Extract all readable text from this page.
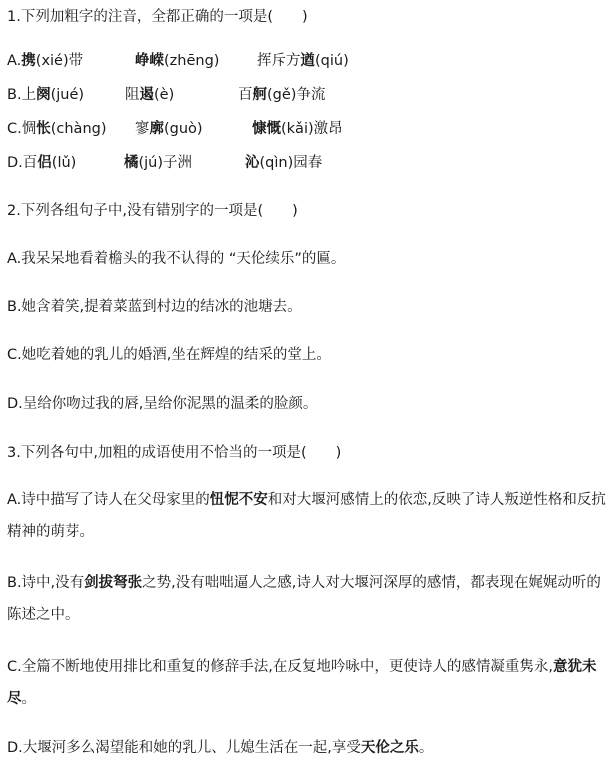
1.下列加粗字的注音，全都正确的一项是(　　)
A.携(xié)带	峥嵘(zhēng)	挥斥方遒(qiú)
B.上阕(jué)	阻遏(è)	百舸(gě)争流
C.惆怅(chàng) 寥廓(guò)	慷慨(kǎi)激昂
D.百侣(lǔ)	橘(jú)子洲	沁(qìn)园春
2.下列各组句子中,没有错别字的一项是(　　)
A.我呆呆地看着檐头的我不认得的 “天伦续乐”的匾。
B.她含着笑,提着菜蓝到村边的结冰的池塘去。
C.她吃着她的乳儿的婚酒,坐在辉煌的结采的堂上。
D.呈给你吻过我的唇,呈给你泥黑的温柔的脸颜。
3.下列各句中,加粗的成语使用不恰当的一项是(　　)
A.诗中描写了诗人在父母家里的忸怩不安和对大堰河感情上的依恋,反映了诗人叛逆性格和反抗精神的萌芽。
B.诗中,没有剑拔弩张之势,没有咄咄逼人之感,诗人对大堰河深厚的感情，都表现在娓娓动听的陈述之中。
C.全篇不断地使用排比和重复的修辞手法,在反复地吟咏中，更使诗人的感情凝重隽永,意犹未尽。
D.大堰河多么渴望能和她的乳儿、儿媳生活在一起,享受天伦之乐。
